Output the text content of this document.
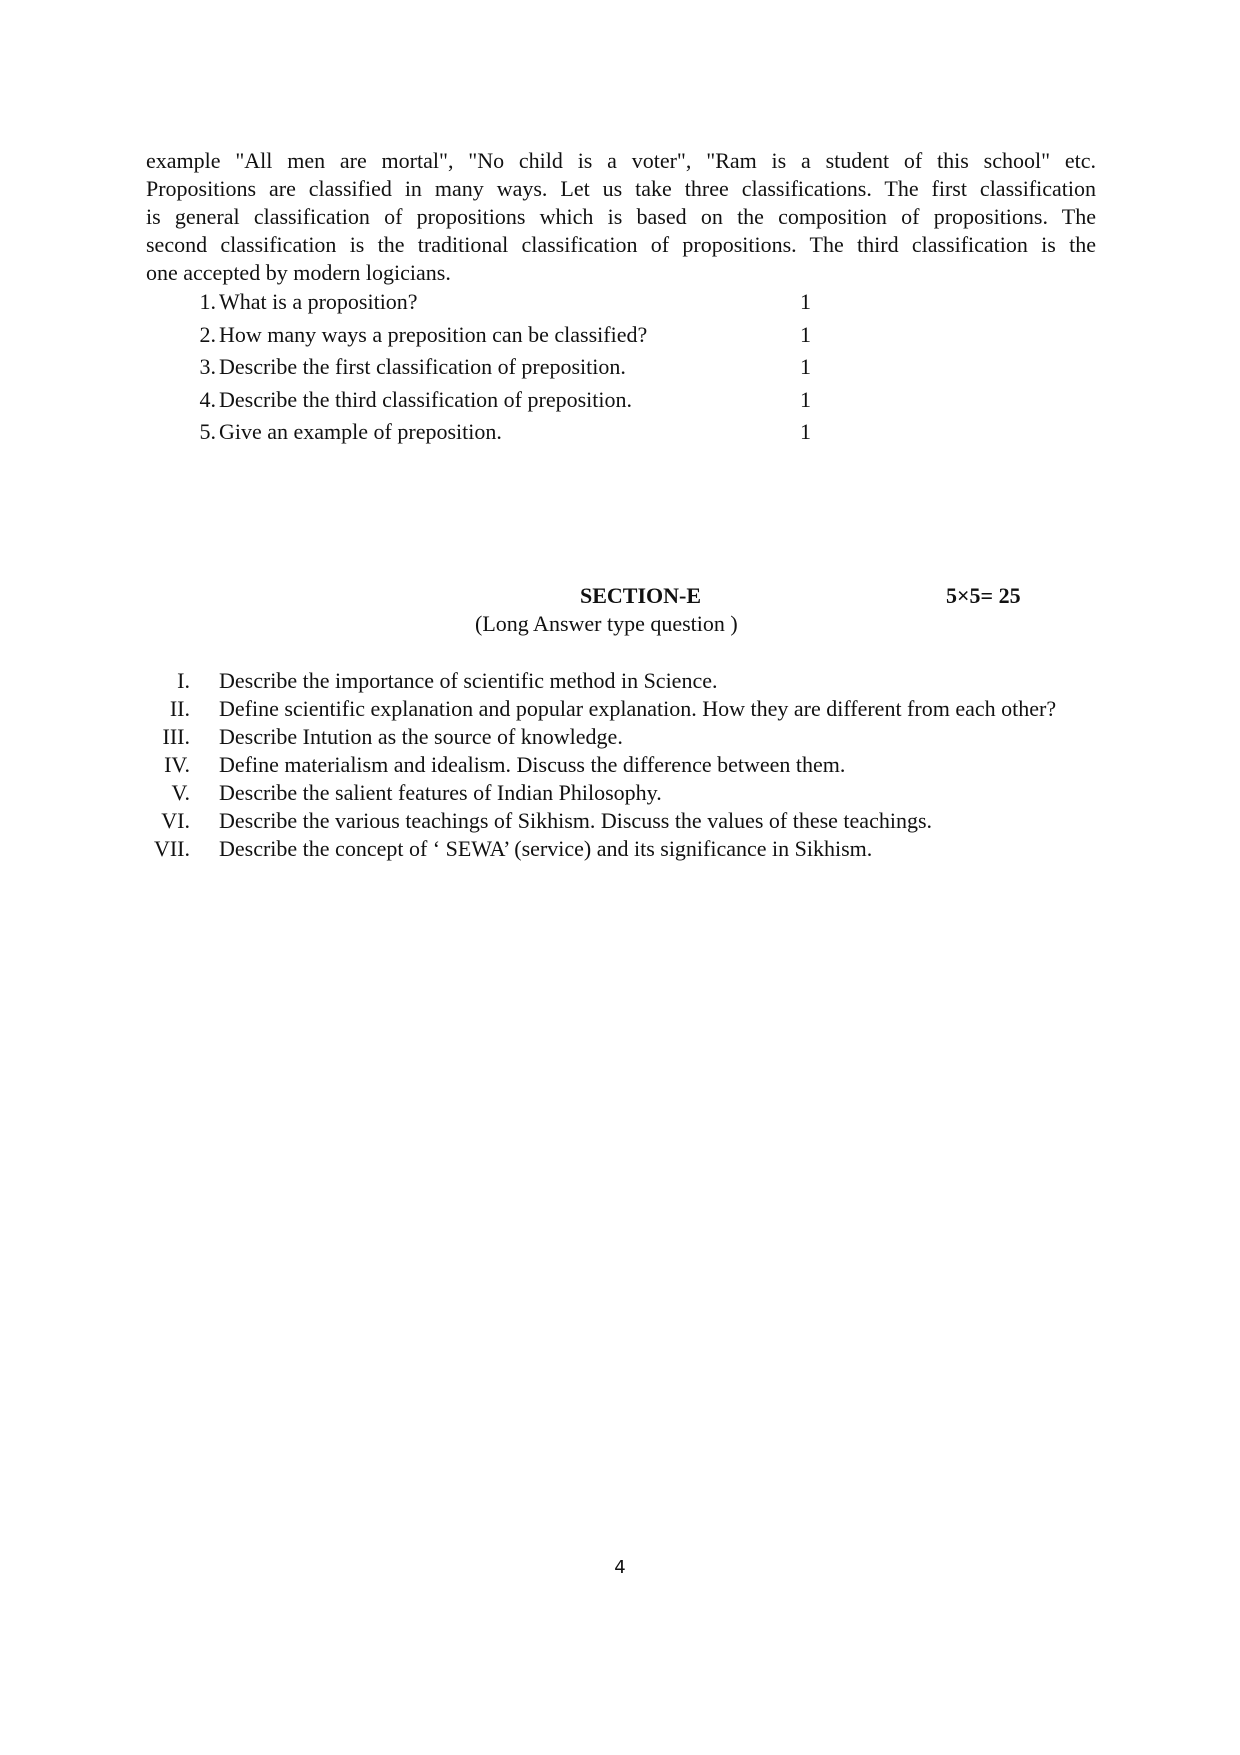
example "All men are mortal", "No child is a voter", "Ram is a student of this school" etc.
Propositions are classified in many ways. Let us take three classifications. The first classification
is general classification of propositions which is based on the composition of propositions. The
second classification is the traditional classification of propositions. The third classification is the
one accepted by modern logicians.
1. What is a proposition?	1
2. How many ways a preposition can be classified?	1
3. Describe the first classification of preposition.	1
4. Describe the third classification of preposition.	1
5. Give an example of preposition.	1
SECTION-E	5×5= 25
(Long Answer type question )
I. Describe the importance of scientific method in Science.
II. Define scientific explanation and popular explanation. How they are different from each other?
III. Describe Intution as the source of knowledge.
IV. Define materialism and idealism. Discuss the difference between them.
V. Describe the salient features of Indian Philosophy.
VI. Describe the various teachings of Sikhism. Discuss the values of these teachings.
VII. Describe the concept of ‘ SEWA’ (service) and its significance in Sikhism.
4
